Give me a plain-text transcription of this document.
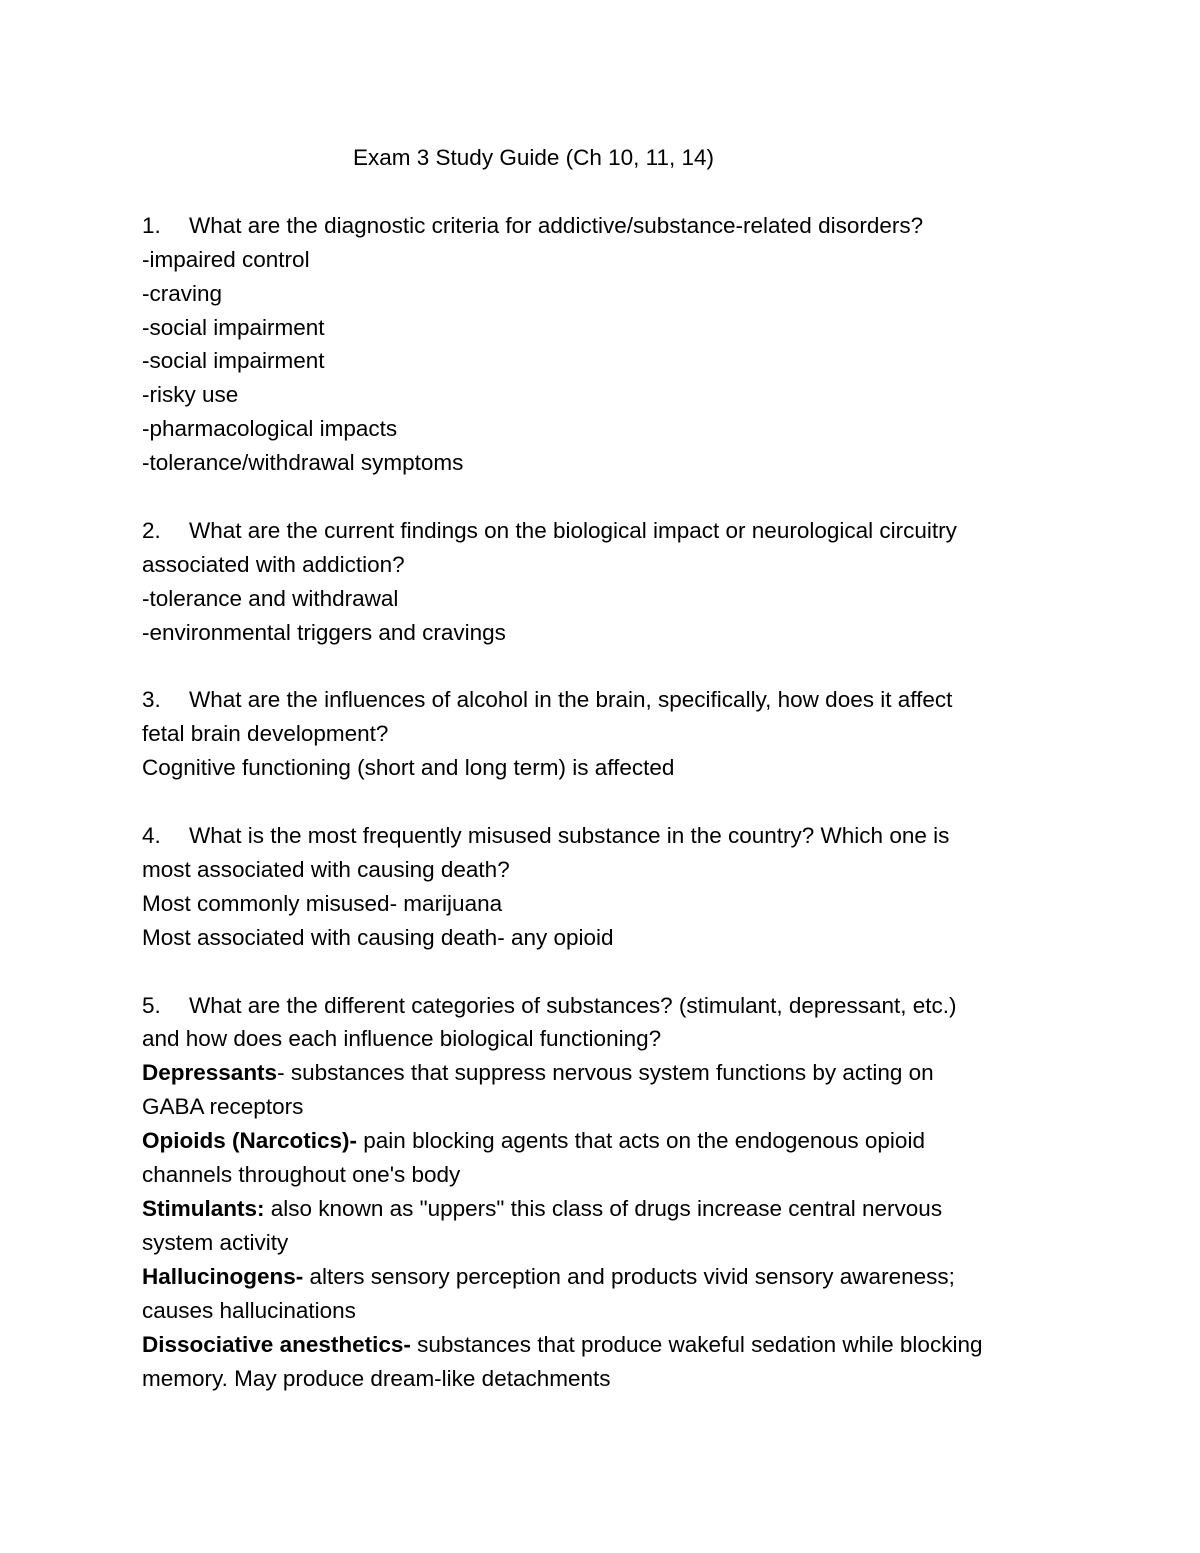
Exam 3 Study Guide (Ch 10, 11, 14)

1. What are the diagnostic criteria for addictive/substance-related disorders?

-impaired control

-craving

-social impairment

-social impairment

-risky use

-pharmacological impacts

-tolerance/withdrawal symptoms

2. What are the current findings on the biological impact or neurological circuitry

associated with addiction?

-tolerance and withdrawal

-environmental triggers and cravings

3. What are the influences of alcohol in the brain, specifically, how does it affect

fetal brain development?

Cognitive functioning (short and long term) is affected

4. What is the most frequently misused substance in the country? Which one is

most associated with causing death?

Most commonly misused- marijuana

Most associated with causing death- any opioid

5. What are the different categories of substances? (stimulant, depressant, etc.)

and how does each influence biological functioning?

Depressants- substances that suppress nervous system functions by acting on

GABA receptors

Opioids (Narcotics)- pain blocking agents that acts on the endogenous opioid

channels throughout one's body

Stimulants: also known as "uppers" this class of drugs increase central nervous

system activity

Hallucinogens- alters sensory perception and products vivid sensory awareness;

causes hallucinations

Dissociative anesthetics- substances that produce wakeful sedation while blocking

memory. May produce dream-like detachments
